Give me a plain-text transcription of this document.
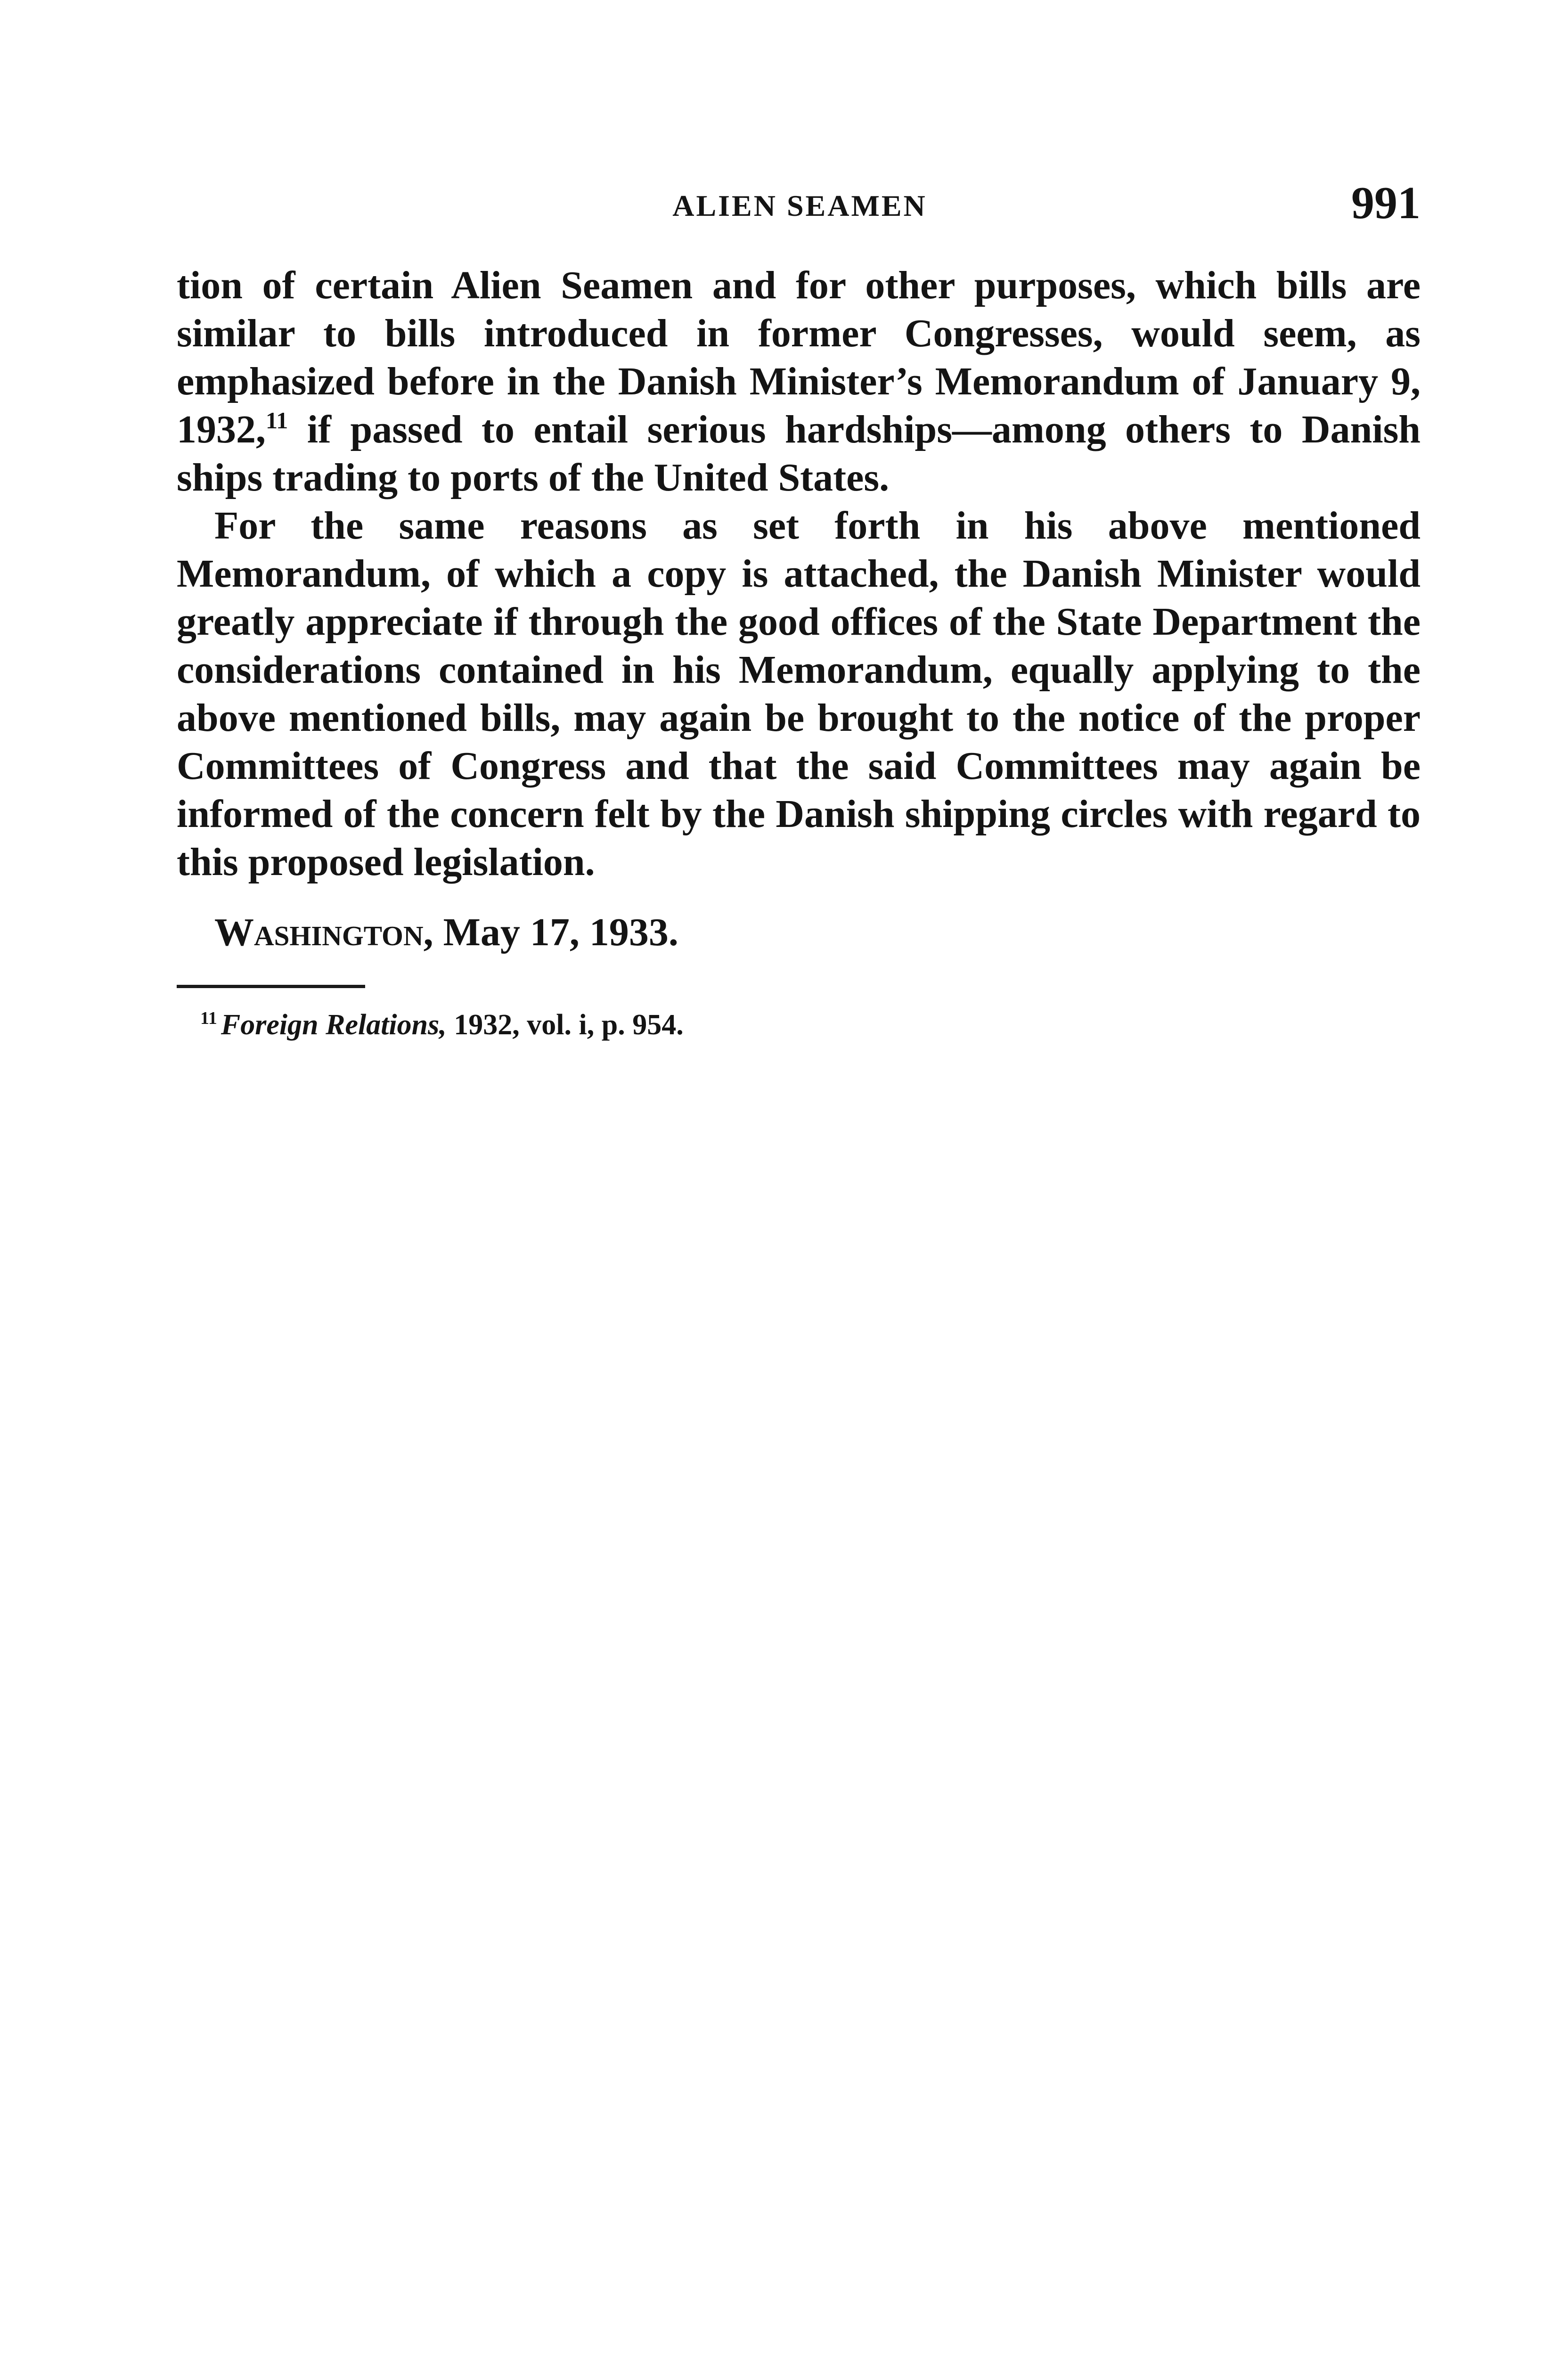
ALIEN SEAMEN	991

tion of certain Alien Seamen and for other purposes, which bills are similar to bills introduced in former Congresses, would seem, as emphasized before in the Danish Minister’s Memorandum of January 9, 1932,11 if passed to entail serious hardships—among others to Danish ships trading to ports of the United States.

For the same reasons as set forth in his above mentioned Memorandum, of which a copy is attached, the Danish Minister would greatly appreciate if through the good offices of the State Department the considerations contained in his Memorandum, equally applying to the above mentioned bills, may again be brought to the notice of the proper Committees of Congress and that the said Committees may again be informed of the concern felt by the Danish shipping circles with regard to this proposed legislation.

Washington, May 17, 1933.
$^{11}$ Foreign Relations, 1932, vol. i, p. 954.
